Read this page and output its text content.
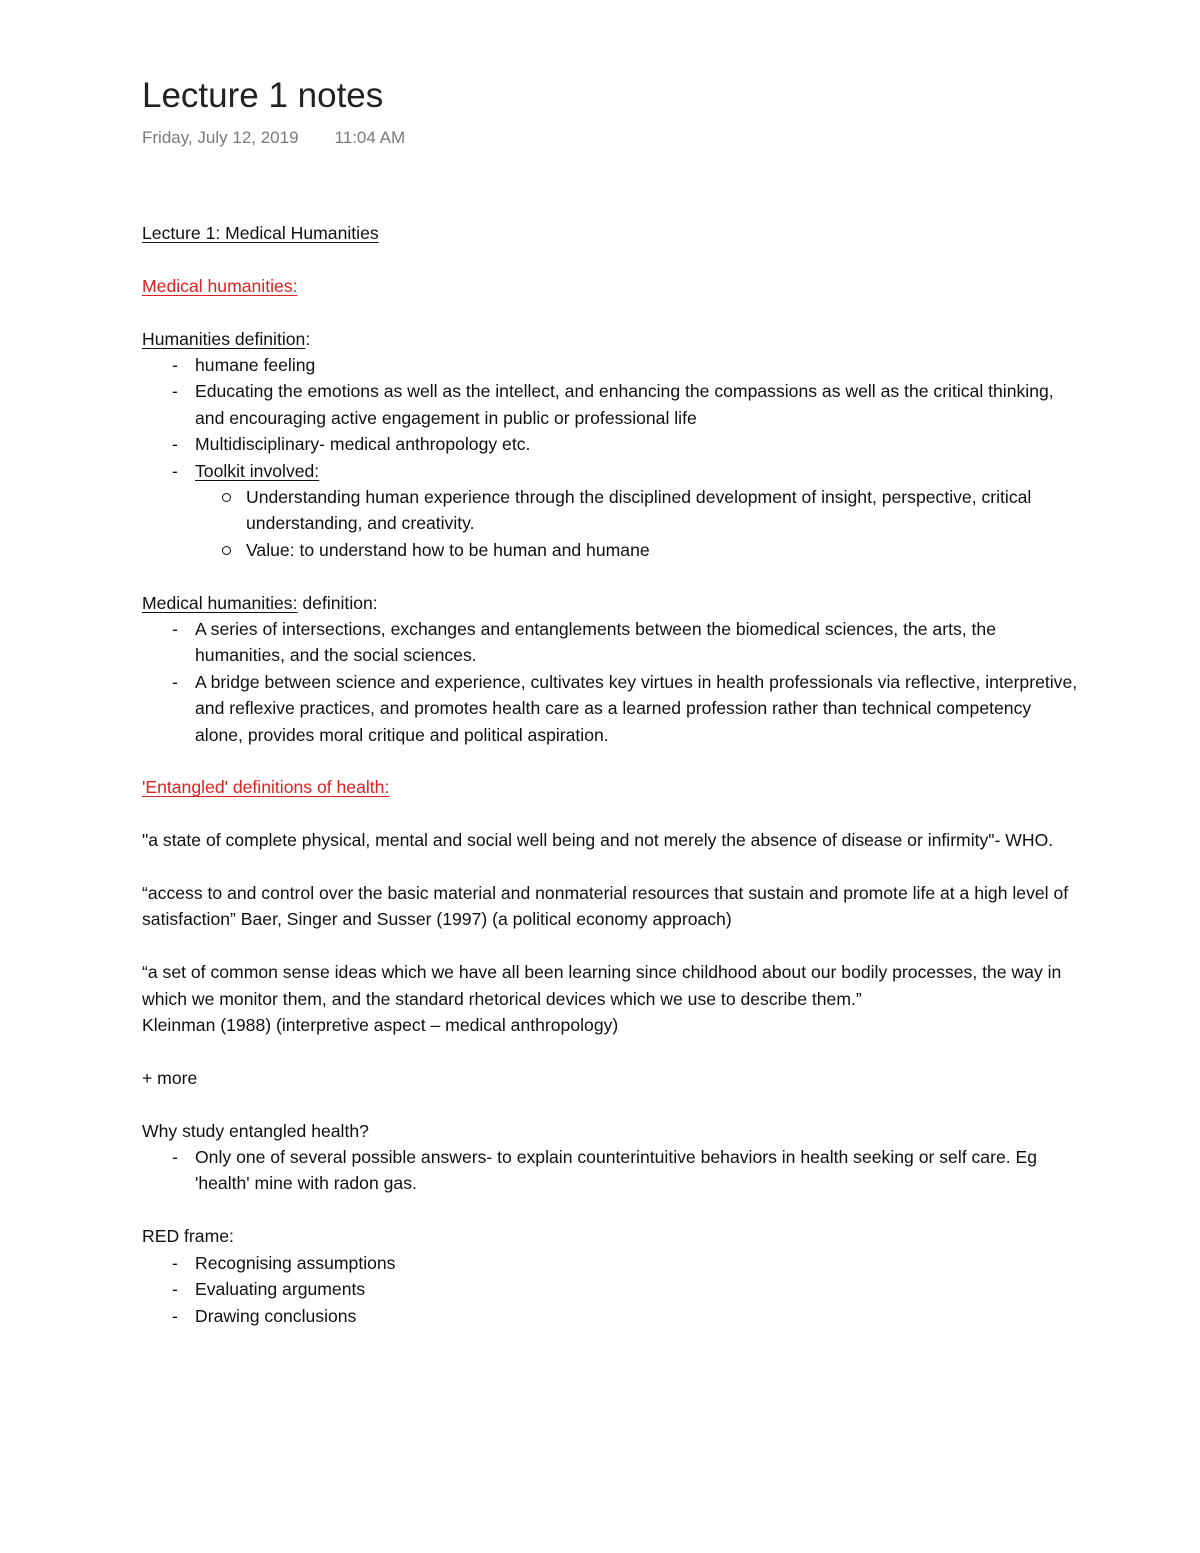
Lecture 1 notes
Friday, July 12, 2019 11:04 AM
Lecture 1: Medical Humanities
Medical humanities:
Humanities definition:
- humane feeling
- Educating the emotions as well as the intellect, and enhancing the compassions as well as the critical thinking, and encouraging active engagement in public or professional life
- Multidisciplinary- medical anthropology etc.
- Toolkit involved:
Understanding human experience through the disciplined development of insight, perspective, critical understanding, and creativity.
Value: to understand how to be human and humane
Medical humanities: definition:
- A series of intersections, exchanges and entanglements between the biomedical sciences, the arts, the humanities, and the social sciences.
- A bridge between science and experience, cultivates key virtues in health professionals via reflective, interpretive, and reflexive practices, and promotes health care as a learned profession rather than technical competency alone, provides moral critique and political aspiration.
'Entangled' definitions of health:
"a state of complete physical, mental and social well being and not merely the absence of disease or infirmity"- WHO.
“access to and control over the basic material and nonmaterial resources that sustain and promote life at a high level of satisfaction” Baer, Singer and Susser (1997) (a political economy approach)
“a set of common sense ideas which we have all been learning since childhood about our bodily processes, the way in which we monitor them, and the standard rhetorical devices which we use to describe them.”
Kleinman (1988) (interpretive aspect – medical anthropology)
+ more
Why study entangled health?
- Only one of several possible answers- to explain counterintuitive behaviors in health seeking or self care. Eg 'health' mine with radon gas.
RED frame:
- Recognising assumptions
- Evaluating arguments
- Drawing conclusions
